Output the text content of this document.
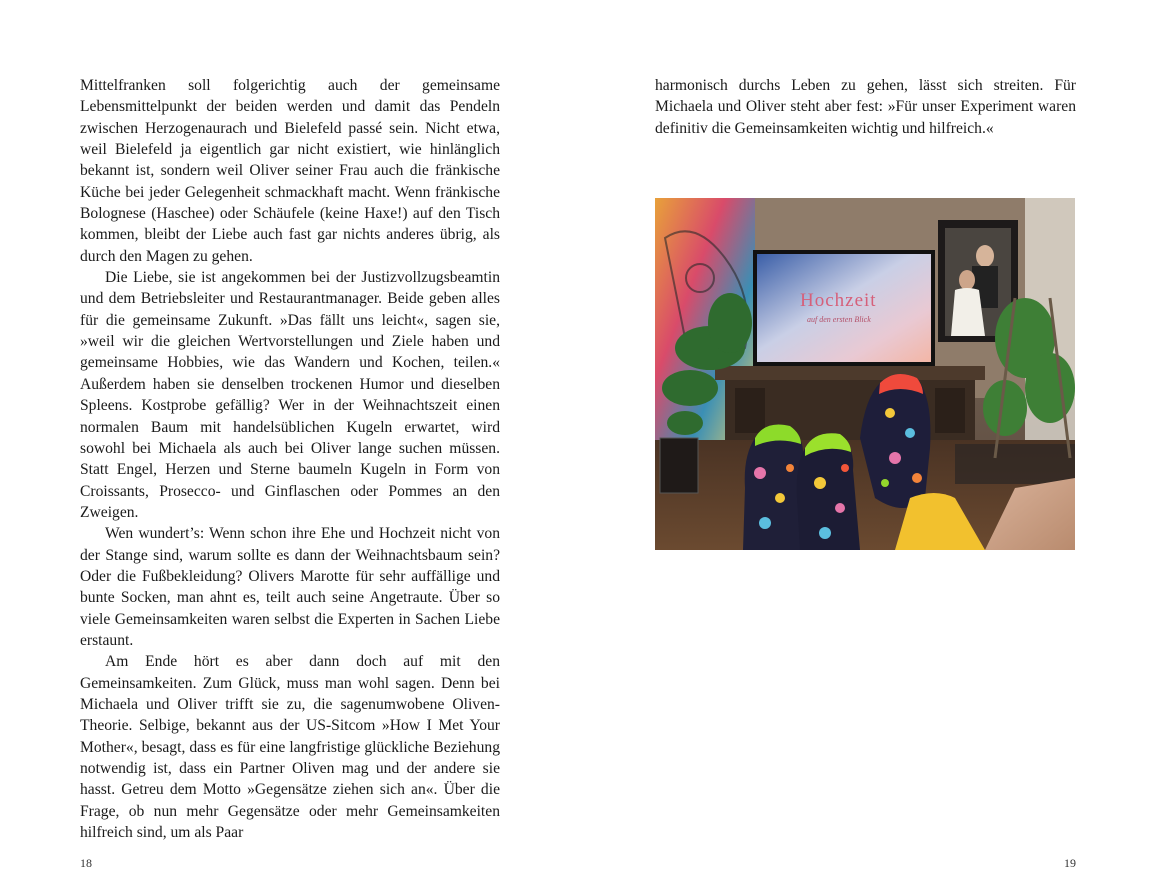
Mittelfranken soll folgerichtig auch der gemeinsame Lebensmittelpunkt der beiden werden und damit das Pendeln zwischen Herzogenaurach und Bielefeld passé sein. Nicht etwa, weil Bielefeld ja eigentlich gar nicht existiert, wie hinlänglich bekannt ist, sondern weil Oliver seiner Frau auch die fränkische Küche bei jeder Gelegenheit schmackhaft macht. Wenn fränkische Bolognese (Haschee) oder Schäufele (keine Haxe!) auf den Tisch kommen, bleibt der Liebe auch fast gar nichts anderes übrig, als durch den Magen zu gehen.

Die Liebe, sie ist angekommen bei der Justizvollzugsbeamtin und dem Betriebsleiter und Restaurantmanager. Beide geben alles für die gemeinsame Zukunft. »Das fällt uns leicht«, sagen sie, »weil wir die gleichen Wertvorstellungen und Ziele haben und gemeinsame Hobbies, wie das Wandern und Kochen, teilen.« Außerdem haben sie denselben trockenen Humor und dieselben Spleens. Kostprobe gefällig? Wer in der Weihnachtszeit einen normalen Baum mit handelsüblichen Kugeln erwartet, wird sowohl bei Michaela als auch bei Oliver lange suchen müssen. Statt Engel, Herzen und Sterne baumeln Kugeln in Form von Croissants, Prosecco- und Ginflaschen oder Pommes an den Zweigen.

Wen wundert’s: Wenn schon ihre Ehe und Hochzeit nicht von der Stange sind, warum sollte es dann der Weihnachtsbaum sein? Oder die Fußbekleidung? Olivers Marotte für sehr auffällige und bunte Socken, man ahnt es, teilt auch seine Angetraute. Über so viele Gemeinsamkeiten waren selbst die Experten in Sachen Liebe erstaunt.

Am Ende hört es aber dann doch auf mit den Gemeinsamkeiten. Zum Glück, muss man wohl sagen. Denn bei Michaela und Oliver trifft sie zu, die sagenumwobene Oliven-Theorie. Selbige, bekannt aus der US-Sitcom »How I Met Your Mother«, besagt, dass es für eine langfristige glückliche Beziehung notwendig ist, dass ein Partner Oliven mag und der andere sie hasst. Getreu dem Motto »Gegensätze ziehen sich an«. Über die Frage, ob nun mehr Gegensätze oder mehr Gemeinsamkeiten hilfreich sind, um als Paar

18

harmonisch durchs Leben zu gehen, lässt sich streiten. Für Michaela und Oliver steht aber fest: »Für unser Experiment waren definitiv die Gemeinsamkeiten wichtig und hilfreich.«

Hochzeit
auf den ersten Blick
19
